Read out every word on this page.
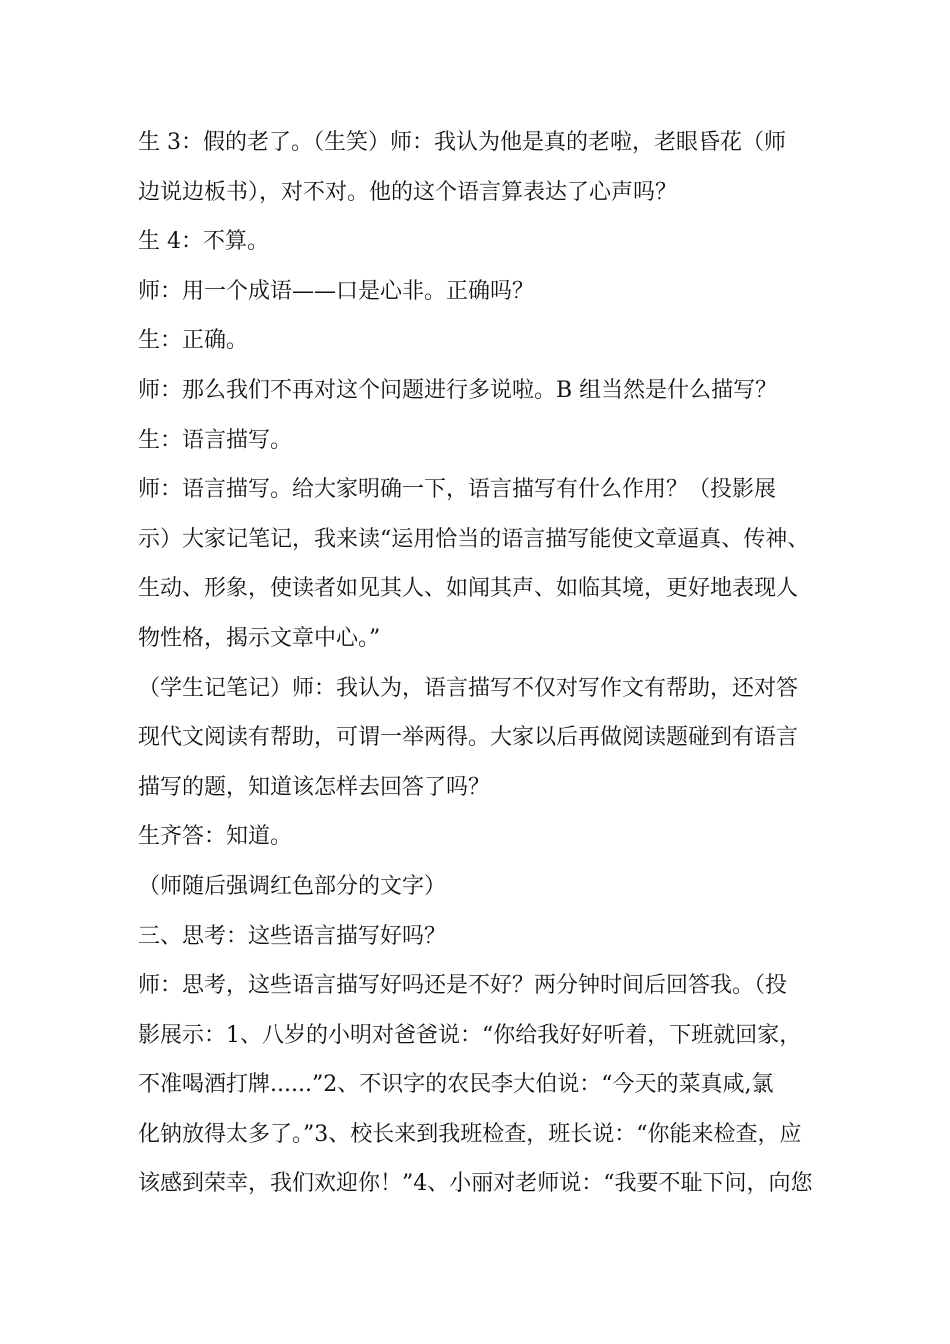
生 3：假的老了。（生笑）师：我认为他是真的老啦，老眼昏花（师
边说边板书），对不对。他的这个语言算表达了心声吗？
生 4：不算。
师：用一个成语——口是心非。正确吗？
生：正确。
师：那么我们不再对这个问题进行多说啦。B 组当然是什么描写？
生：语言描写。
师：语言描写。给大家明确一下，语言描写有什么作用？（投影展
示）大家记笔记，我来读“运用恰当的语言描写能使文章逼真、传神、
生动、形象，使读者如见其人、如闻其声、如临其境，更好地表现人
物性格，揭示文章中心。”
（学生记笔记）师：我认为，语言描写不仅对写作文有帮助，还对答
现代文阅读有帮助，可谓一举两得。大家以后再做阅读题碰到有语言
描写的题，知道该怎样去回答了吗？
生齐答：知道。
（师随后强调红色部分的文字）
三、思考：这些语言描写好吗？
师：思考，这些语言描写好吗还是不好？两分钟时间后回答我。（投
影展示：1、八岁的小明对爸爸说：“你给我好好听着，下班就回家，
不准喝酒打牌......”2、不识字的农民李大伯说：“今天的菜真咸,氯
化钠放得太多了。”3、校长来到我班检查，班长说：“你能来检查，应
该感到荣幸，我们欢迎你！”4、小丽对老师说：“我要不耻下问，向您
